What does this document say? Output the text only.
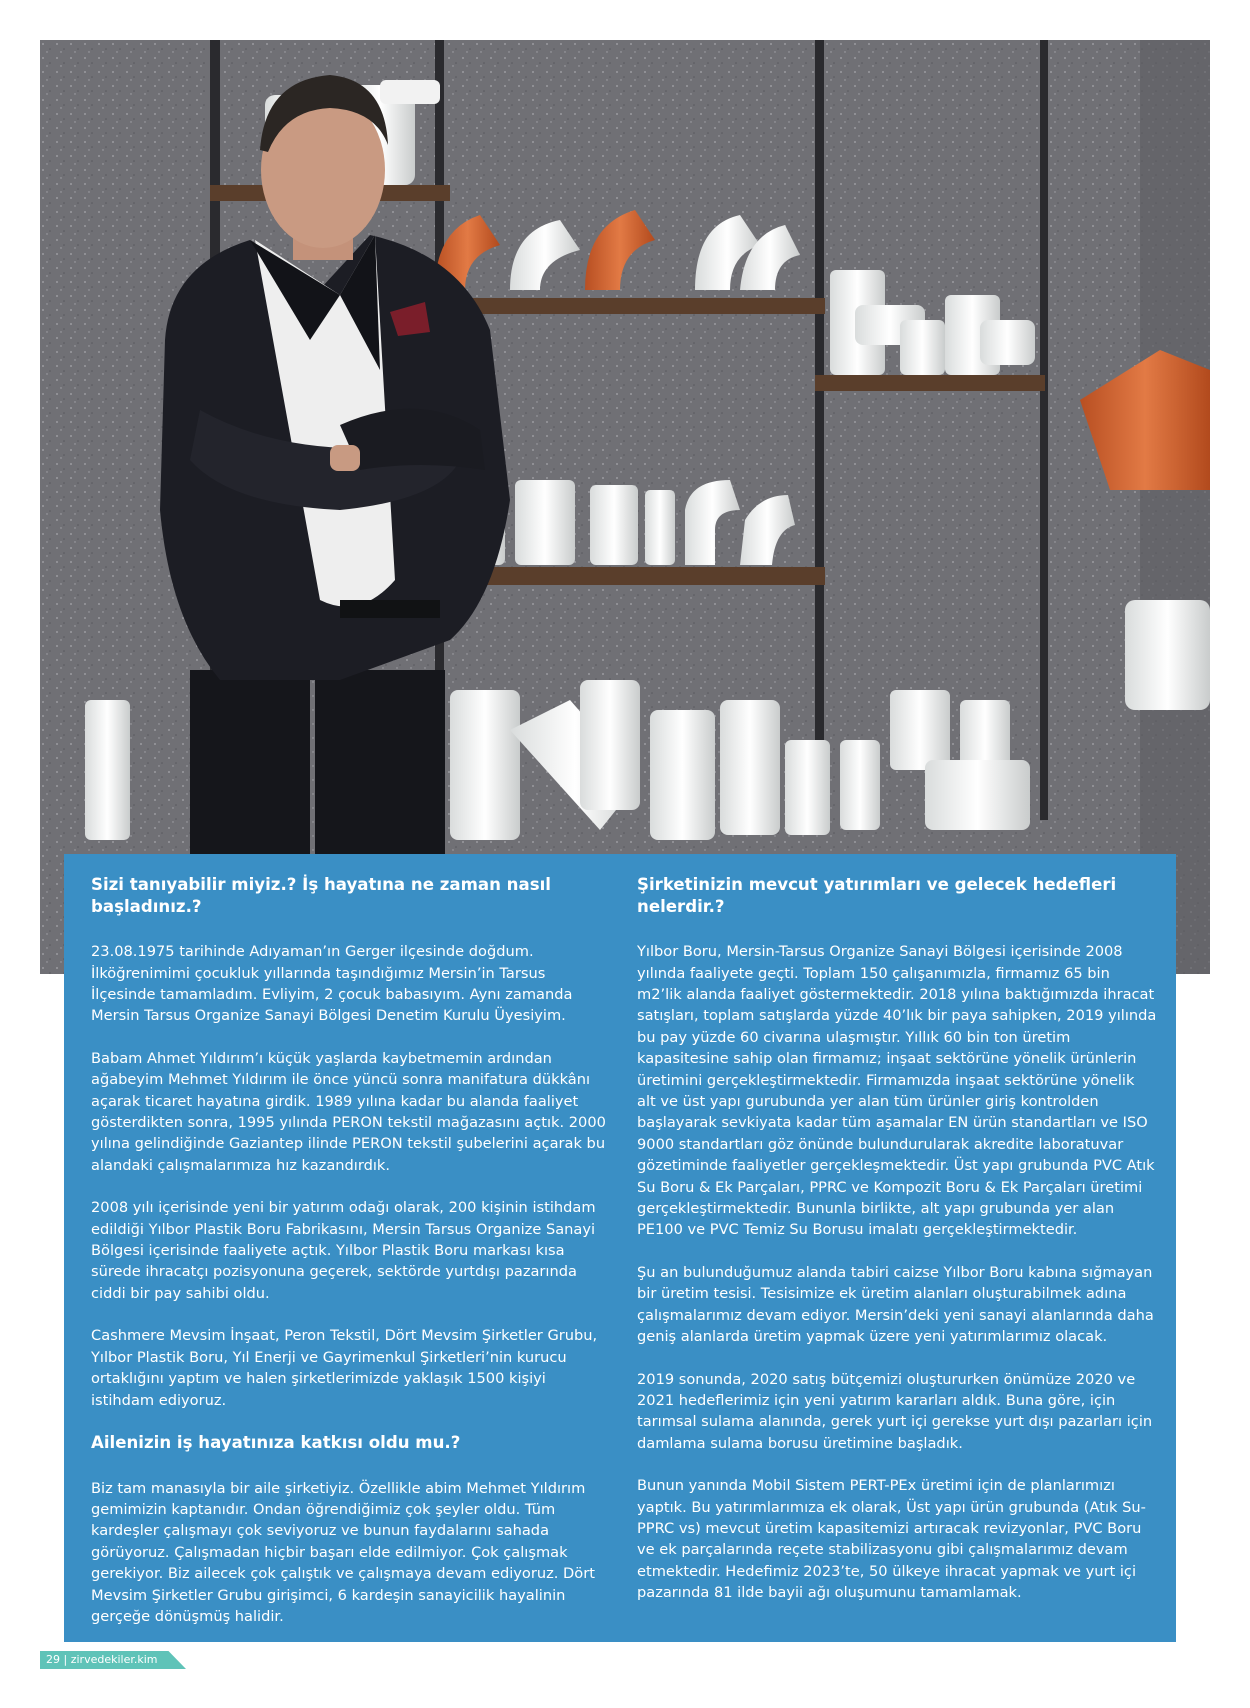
Sizi tanıyabilir miyiz.? İş hayatına ne zaman nasıl başladınız.?

23.08.1975 tarihinde Adıyaman’ın Gerger ilçesinde doğdum. İlköğrenimimi çocukluk yıllarında taşındığımız Mersin’in Tarsus İlçesinde tamamladım. Evliyim, 2 çocuk babasıyım. Aynı zamanda Mersin Tarsus Organize Sanayi Bölgesi Denetim Kurulu Üyesiyim.

Babam Ahmet Yıldırım’ı küçük yaşlarda kaybetmemin ardından ağabeyim Mehmet Yıldırım ile önce yüncü sonra manifatura dükkânı açarak ticaret hayatına girdik. 1989 yılına kadar bu alanda faaliyet gösterdikten sonra, 1995 yılında PERON tekstil mağazasını açtık. 2000 yılına gelindiğinde Gaziantep ilinde PERON tekstil şubelerini açarak bu alandaki çalışmalarımıza hız kazandırdık.

2008 yılı içerisinde yeni bir yatırım odağı olarak, 200 kişinin istihdam edildiği Yılbor Plastik Boru Fabrikasını, Mersin Tarsus Organize Sanayi Bölgesi içerisinde faaliyete açtık. Yılbor Plastik Boru markası kısa sürede ihracatçı pozisyonuna geçerek, sektörde yurtdışı pazarında ciddi bir pay sahibi oldu.

Cashmere Mevsim İnşaat, Peron Tekstil, Dört Mevsim Şirketler Grubu, Yılbor Plastik Boru, Yıl Enerji ve Gayrimenkul Şirketleri’nin kurucu ortaklığını yaptım ve halen şirketlerimizde yaklaşık 1500 kişiyi istihdam ediyoruz.

Ailenizin iş hayatınıza katkısı oldu mu.?

Biz tam manasıyla bir aile şirketiyiz. Özellikle abim Mehmet Yıldırım gemimizin kaptanıdır. Ondan öğrendiğimiz çok şeyler oldu. Tüm kardeşler çalışmayı çok seviyoruz ve bunun faydalarını sahada görüyoruz. Çalışmadan hiçbir başarı elde edilmiyor. Çok çalışmak gerekiyor. Biz ailecek çok çalıştık ve çalışmaya devam ediyoruz. Dört Mevsim Şirketler Grubu girişimci, 6 kardeşin sanayicilik hayalinin gerçeğe dönüşmüş halidir.

Şirketinizin mevcut yatırımları ve gelecek hedefleri nelerdir.?

Yılbor Boru, Mersin-Tarsus Organize Sanayi Bölgesi içerisinde 2008 yılında faaliyete geçti. Toplam 150 çalışanımızla, firmamız 65 bin m2’lik alanda faaliyet göstermektedir. 2018 yılına baktığımızda ihracat satışları, toplam satışlarda yüzde 40’lık bir paya sahipken, 2019 yılında bu pay yüzde 60 civarına ulaşmıştır. Yıllık 60 bin ton üretim kapasitesine sahip olan firmamız; inşaat sektörüne yönelik ürünlerin üretimini gerçekleştirmektedir. Firmamızda inşaat sektörüne yönelik alt ve üst yapı gurubunda yer alan tüm ürünler giriş kontrolden başlayarak sevkiyata kadar tüm aşamalar EN ürün standartları ve ISO 9000 standartları göz önünde bulundurularak akredite laboratuvar gözetiminde faaliyetler gerçekleşmektedir. Üst yapı grubunda PVC Atık Su Boru & Ek Parçaları, PPRC ve Kompozit Boru & Ek Parçaları üretimi gerçekleştirmektedir. Bununla birlikte, alt yapı grubunda yer alan PE100 ve PVC Temiz Su Borusu imalatı gerçekleştirmektedir.

Şu an bulunduğumuz alanda tabiri caizse Yılbor Boru kabına sığmayan bir üretim tesisi. Tesisimize ek üretim alanları oluşturabilmek adına çalışmalarımız devam ediyor. Mersin’deki yeni sanayi alanlarında daha geniş alanlarda üretim yapmak üzere yeni yatırımlarımız olacak.

2019 sonunda, 2020 satış bütçemizi oluştururken önümüze 2020 ve 2021 hedeflerimiz için yeni yatırım kararları aldık. Buna göre, için tarımsal sulama alanında, gerek yurt içi gerekse yurt dışı pazarları için damlama sulama borusu üretimine başladık.

Bunun yanında Mobil Sistem PERT-PEx üretimi için de planlarımızı yaptık. Bu yatırımlarımıza ek olarak, Üst yapı ürün grubunda (Atık Su-PPRC vs) mevcut üretim kapasitemizi artıracak revizyonlar, PVC Boru ve ek parçalarında reçete stabilizasyonu gibi çalışmalarımız devam etmektedir. Hedefimiz 2023’te, 50 ülkeye ihracat yapmak ve yurt içi pazarında 81 ilde bayii ağı oluşumunu tamamlamak.

29 | zirvedekiler.kim
